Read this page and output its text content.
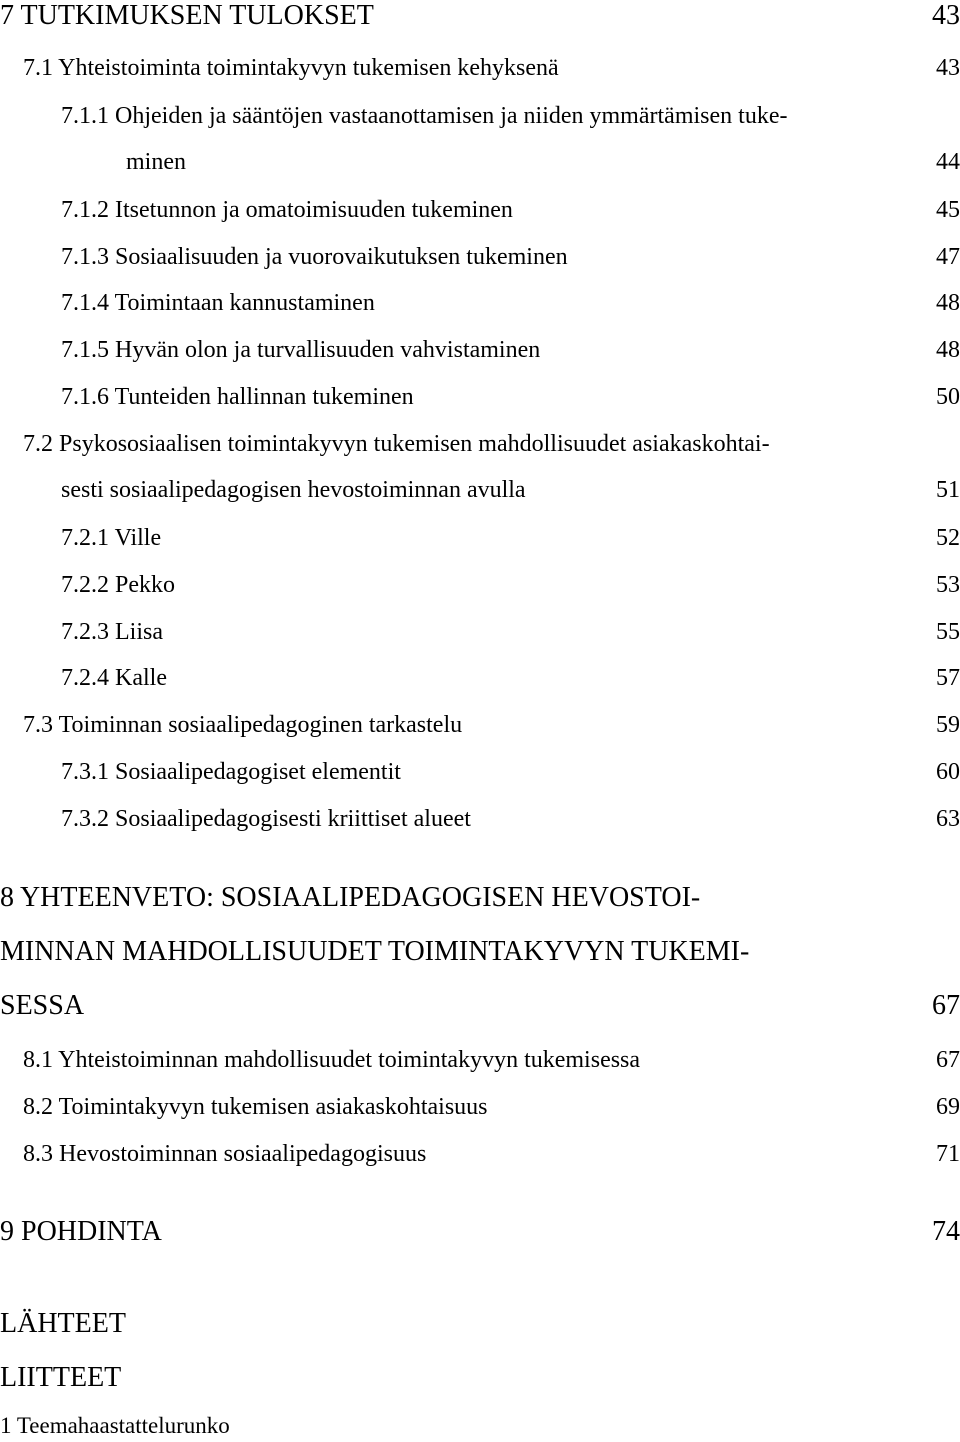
7 TUTKIMUKSEN TULOKSET	43
7.1 Yhteistoiminta toimintakyvyn tukemisen kehyksenä	43
7.1.1 Ohjeiden ja sääntöjen vastaanottamisen ja niiden ymmärtämisen tuke-
minen	44
7.1.2 Itsetunnon ja omatoimisuuden tukeminen	45
7.1.3 Sosiaalisuuden ja vuorovaikutuksen tukeminen	47
7.1.4 Toimintaan kannustaminen	48
7.1.5 Hyvän olon ja turvallisuuden vahvistaminen	48
7.1.6 Tunteiden hallinnan tukeminen	50
7.2 Psykososiaalisen toimintakyvyn tukemisen mahdollisuudet asiakaskohtai-
sesti sosiaalipedagogisen hevostoiminnan avulla	51
7.2.1 Ville	52
7.2.2 Pekko	53
7.2.3 Liisa	55
7.2.4 Kalle	57
7.3 Toiminnan sosiaalipedagoginen tarkastelu	59
7.3.1 Sosiaalipedagogiset elementit	60
7.3.2 Sosiaalipedagogisesti kriittiset alueet	63
8 YHTEENVETO: SOSIAALIPEDAGOGISEN HEVOSTOI-
MINNAN MAHDOLLISUUDET TOIMINTAKYVYN TUKEMI-
SESSA	67
8.1 Yhteistoiminnan mahdollisuudet toimintakyvyn tukemisessa	67
8.2 Toimintakyvyn tukemisen asiakaskohtaisuus	69
8.3 Hevostoiminnan sosiaalipedagogisuus	71
9 POHDINTA	74
LÄHTEET
LIITTEET
1 Teemahaastattelurunko
